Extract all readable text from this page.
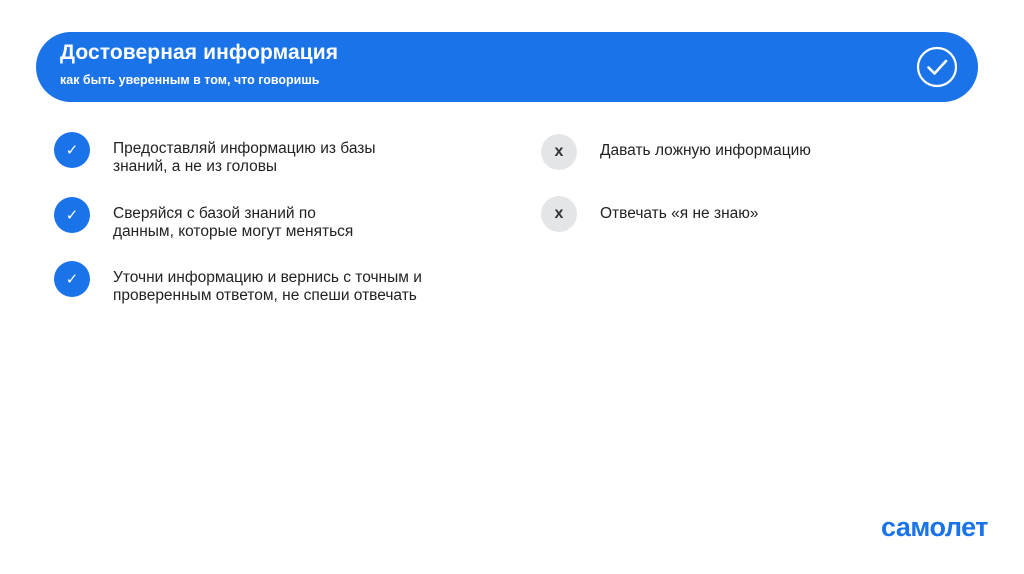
Достоверная информация
как быть уверенным в том, что говоришь
✓ Предоставляй информацию из базы
знаний, а не из головы
✓ Сверяйся с базой знаний по
данным, которые могут меняться
✓ Уточни информацию и вернись с точным и
проверенным ответом, не спеши отвечать
х Давать ложную информацию
х Отвечать «я не знаю»
самолет
